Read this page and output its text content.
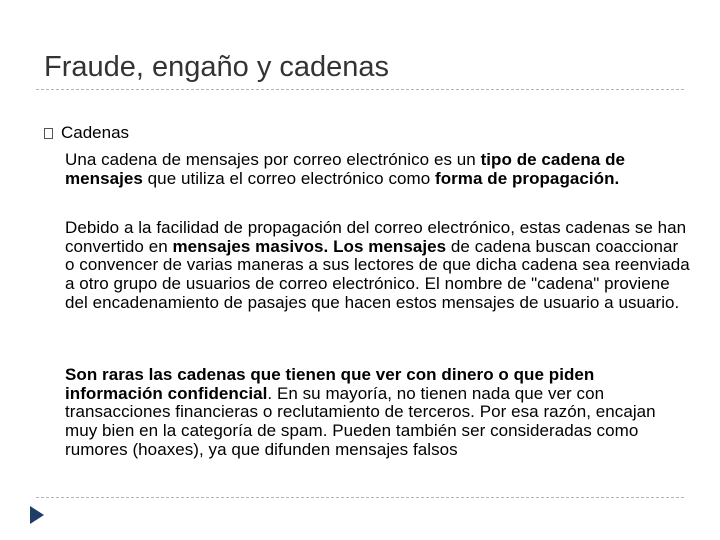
Fraude, engaño y cadenas
Cadenas
Una cadena de mensajes por correo electrónico es un tipo de cadena de mensajes que utiliza el correo electrónico como forma de propagación.
Debido a la facilidad de propagación del correo electrónico, estas cadenas se han convertido en mensajes masivos. Los mensajes de cadena buscan coaccionar o convencer de varias maneras a sus lectores de que dicha cadena sea reenviada a otro grupo de usuarios de correo electrónico. El nombre de "cadena" proviene del encadenamiento de pasajes que hacen estos mensajes de usuario a usuario.
Son raras las cadenas que tienen que ver con dinero o que piden información confidencial. En su mayoría, no tienen nada que ver con transacciones financieras o reclutamiento de terceros. Por esa razón, encajan muy bien en la categoría de spam. Pueden también ser consideradas como rumores (hoaxes), ya que difunden mensajes falsos
